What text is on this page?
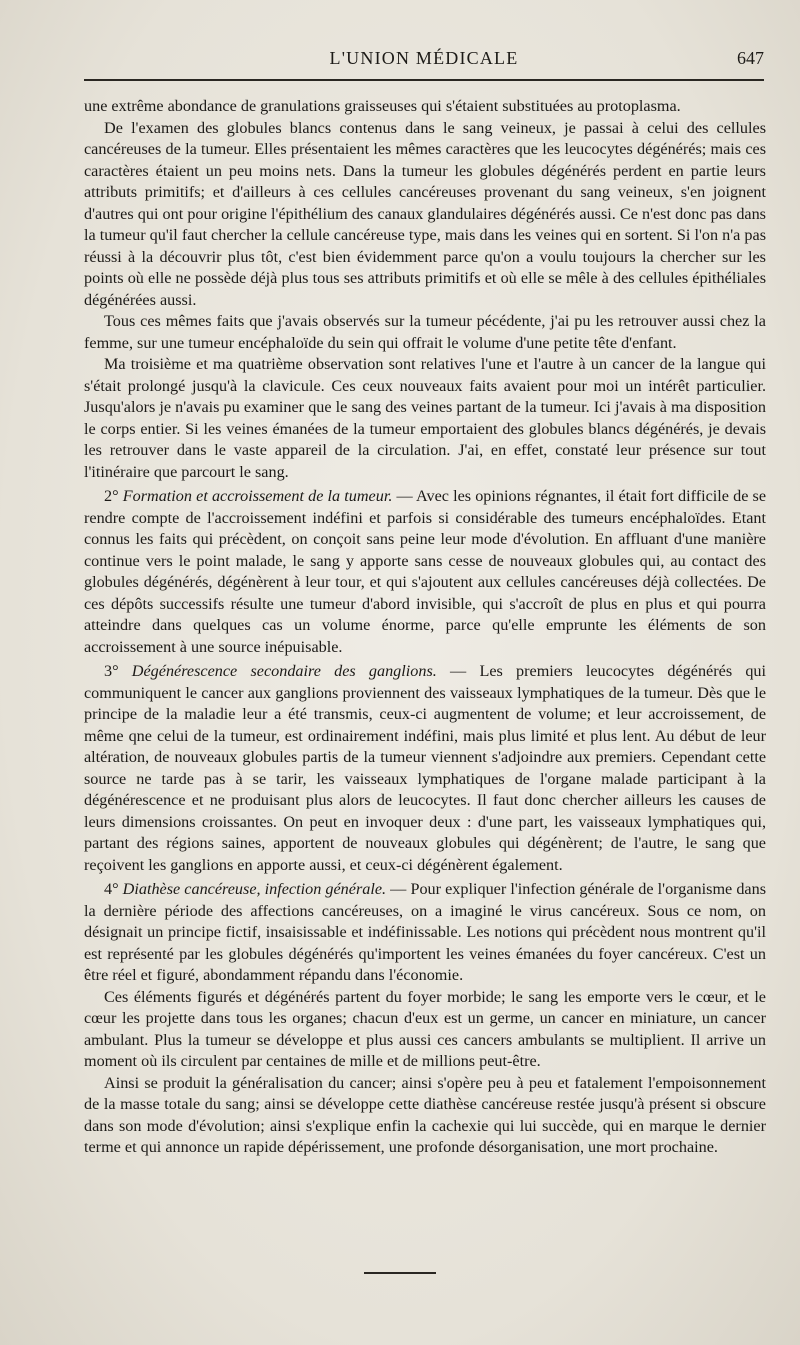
L'UNION MÉDICALE	647

une extrême abondance de granulations graisseuses qui s'étaient substituées au protoplasma.

De l'examen des globules blancs contenus dans le sang veineux, je passai à celui des cellules cancéreuses de la tumeur. Elles présentaient les mêmes caractères que les leucocytes dégénérés; mais ces caractères étaient un peu moins nets. Dans la tumeur les globules dégénérés perdent en partie leurs attributs primitifs; et d'ailleurs à ces cellules cancéreuses provenant du sang veineux, s'en joignent d'autres qui ont pour origine l'épithélium des canaux glandulaires dégénérés aussi. Ce n'est donc pas dans la tumeur qu'il faut chercher la cellule cancéreuse type, mais dans les veines qui en sortent. Si l'on n'a pas réussi à la découvrir plus tôt, c'est bien évidemment parce qu'on a voulu toujours la chercher sur les points où elle ne possède déjà plus tous ses attributs primitifs et où elle se mêle à des cellules épithéliales dégénérées aussi.

Tous ces mêmes faits que j'avais observés sur la tumeur pécédente, j'ai pu les retrouver aussi chez la femme, sur une tumeur encéphaloïde du sein qui offrait le volume d'une petite tête d'enfant.

Ma troisième et ma quatrième observation sont relatives l'une et l'autre à un cancer de la langue qui s'était prolongé jusqu'à la clavicule. Ces ceux nouveaux faits avaient pour moi un intérêt particulier. Jusqu'alors je n'avais pu examiner que le sang des veines partant de la tumeur. Ici j'avais à ma disposition le corps entier. Si les veines émanées de la tumeur emportaient des globules blancs dégénérés, je devais les retrouver dans le vaste appareil de la circulation. J'ai, en effet, constaté leur présence sur tout l'itinéraire que parcourt le sang.

2° Formation et accroissement de la tumeur. — Avec les opinions régnantes, il était fort difficile de se rendre compte de l'accroissement indéfini et parfois si considérable des tumeurs encéphaloïdes. Etant connus les faits qui précèdent, on conçoit sans peine leur mode d'évolution. En affluant d'une manière continue vers le point malade, le sang y apporte sans cesse de nouveaux globules qui, au contact des globules dégénérés, dégénèrent à leur tour, et qui s'ajoutent aux cellules cancéreuses déjà collectées. De ces dépôts successifs résulte une tumeur d'abord invisible, qui s'accroît de plus en plus et qui pourra atteindre dans quelques cas un volume énorme, parce qu'elle emprunte les éléments de son accroissement à une source inépuisable.

3° Dégénérescence secondaire des ganglions. — Les premiers leucocytes dégénérés qui communiquent le cancer aux ganglions proviennent des vaisseaux lymphatiques de la tumeur. Dès que le principe de la maladie leur a été transmis, ceux-ci augmentent de volume; et leur accroissement, de même qne celui de la tumeur, est ordinairement indéfini, mais plus limité et plus lent. Au début de leur altération, de nouveaux globules partis de la tumeur viennent s'adjoindre aux premiers. Cependant cette source ne tarde pas à se tarir, les vaisseaux lymphatiques de l'organe malade participant à la dégénérescence et ne produisant plus alors de leucocytes. Il faut donc chercher ailleurs les causes de leurs dimensions croissantes. On peut en invoquer deux : d'une part, les vaisseaux lymphatiques qui, partant des régions saines, apportent de nouveaux globules qui dégénèrent; de l'autre, le sang que reçoivent les ganglions en apporte aussi, et ceux-ci dégénèrent également.

4° Diathèse cancéreuse, infection générale. — Pour expliquer l'infection générale de l'organisme dans la dernière période des affections cancéreuses, on a imaginé le virus cancéreux. Sous ce nom, on désignait un principe fictif, insaisissable et indéfinissable. Les notions qui précèdent nous montrent qu'il est représenté par les globules dégénérés qu'importent les veines émanées du foyer cancéreux. C'est un être réel et figuré, abondamment répandu dans l'économie.

Ces éléments figurés et dégénérés partent du foyer morbide; le sang les emporte vers le cœur, et le cœur les projette dans tous les organes; chacun d'eux est un germe, un cancer en miniature, un cancer ambulant. Plus la tumeur se développe et plus aussi ces cancers ambulants se multiplient. Il arrive un moment où ils circulent par centaines de mille et de millions peut-être.

Ainsi se produit la généralisation du cancer; ainsi s'opère peu à peu et fatalement l'empoisonnement de la masse totale du sang; ainsi se développe cette diathèse cancéreuse restée jusqu'à présent si obscure dans son mode d'évolution; ainsi s'explique enfin la cachexie qui lui succède, qui en marque le dernier terme et qui annonce un rapide dépérissement, une profonde désorganisation, une mort prochaine.
